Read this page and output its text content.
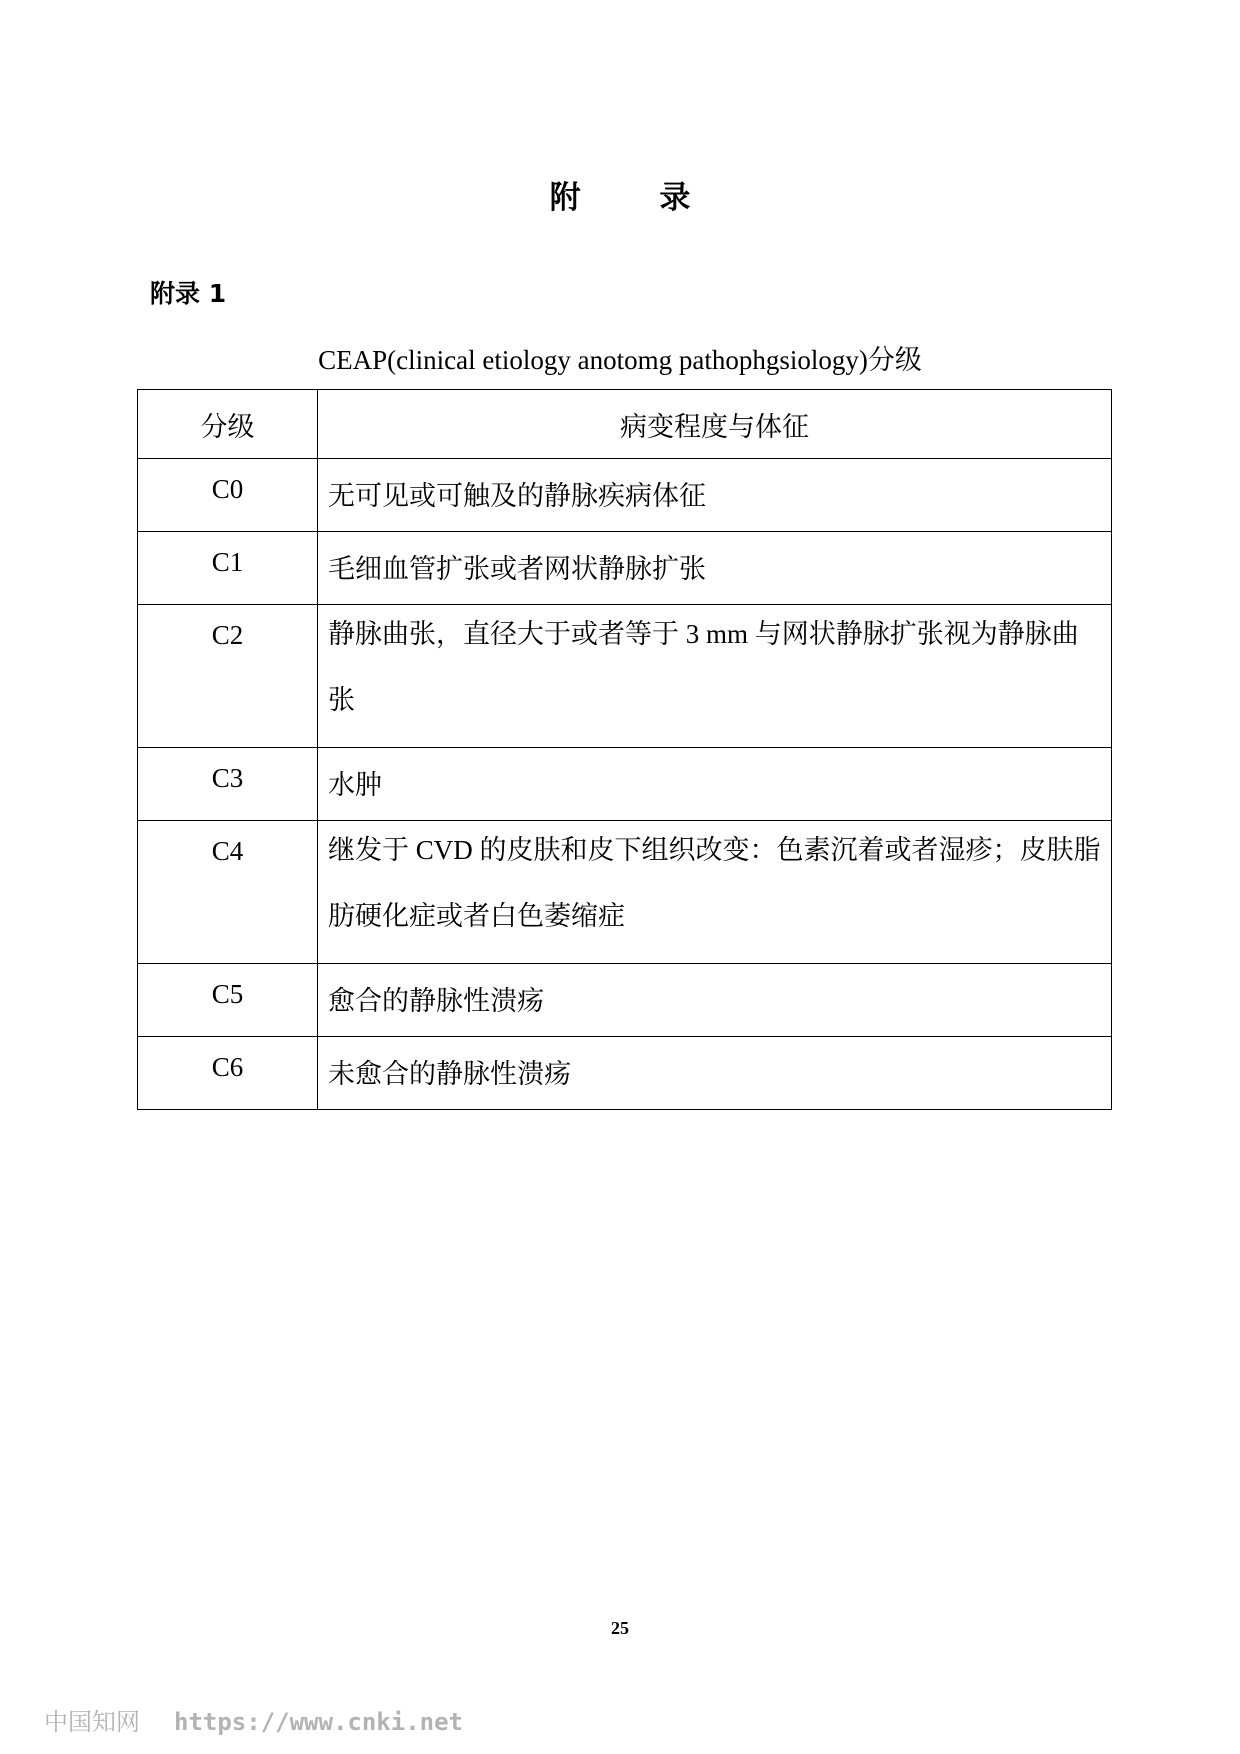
附 录
附录 1
CEAP(clinical etiology anotomg pathophgsiology)分级
分级	病变程度与体征
C0	无可见或可触及的静脉疾病体征

C1	毛细血管扩张或者网状静脉扩张

C2	静脉曲张，直径大于或者等于 3 mm 与网状静脉扩张视为静脉曲张

C3	水肿

C4	继发于 CVD 的皮肤和皮下组织改变：色素沉着或者湿疹；皮肤脂肪硬化症或者白色萎缩症

C5	愈合的静脉性溃疡

C6	未愈合的静脉性溃疡
25
中国知网 https://www.cnki.net
